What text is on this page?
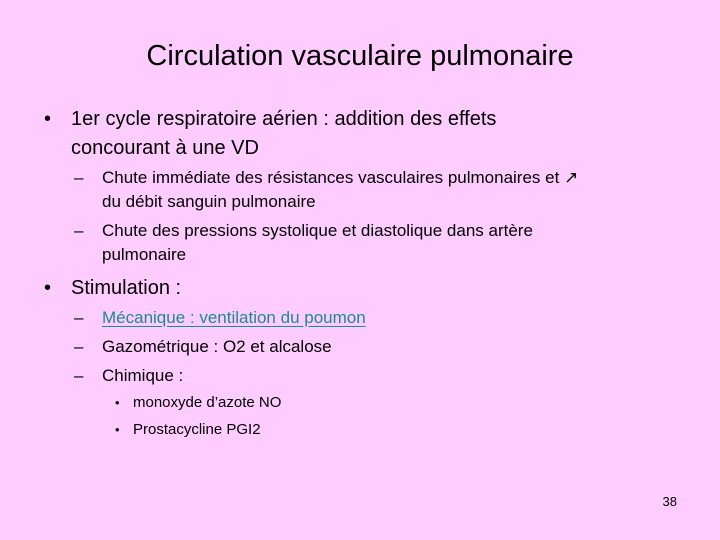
Circulation vasculaire pulmonaire
• 1er cycle respiratoire aérien : addition des effets
concourant à une VD
– Chute immédiate des résistances vasculaires pulmonaires et ↗
du débit sanguin pulmonaire
– Chute des pressions systolique et diastolique dans artère
pulmonaire
• Stimulation :
– Mécanique : ventilation du poumon
– Gazométrique : O2 et alcalose
– Chimique :
• monoxyde d’azote NO
• Prostacycline PGI2
38
